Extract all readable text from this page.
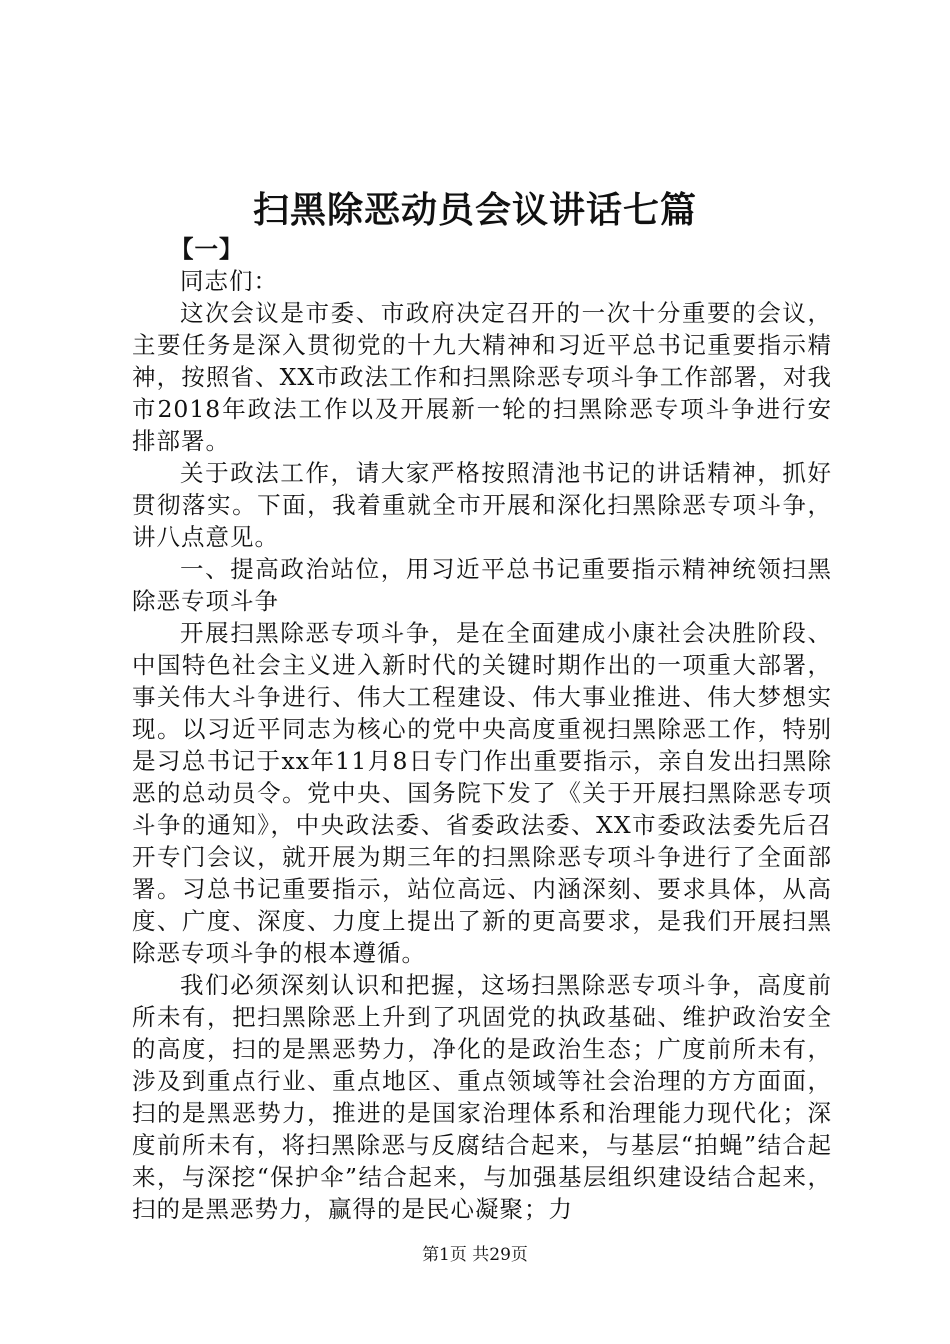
扫黑除恶动员会议讲话七篇

【一】

同志们：

这次会议是市委、市政府决定召开的一次十分重要的会议，主要任务是深入贯彻党的十九大精神和习近平总书记重要指示精神，按照省、XX市政法工作和扫黑除恶专项斗争工作部署，对我市2018年政法工作以及开展新一轮的扫黑除恶专项斗争进行安排部署。

关于政法工作，请大家严格按照清池书记的讲话精神，抓好贯彻落实。下面，我着重就全市开展和深化扫黑除恶专项斗争，讲八点意见。

一、提高政治站位，用习近平总书记重要指示精神统领扫黑除恶专项斗争

开展扫黑除恶专项斗争，是在全面建成小康社会决胜阶段、中国特色社会主义进入新时代的关键时期作出的一项重大部署，事关伟大斗争进行、伟大工程建设、伟大事业推进、伟大梦想实现。以习近平同志为核心的党中央高度重视扫黑除恶工作，特别是习总书记于xx年11月8日专门作出重要指示，亲自发出扫黑除恶的总动员令。党中央、国务院下发了《关于开展扫黑除恶专项斗争的通知》，中央政法委、省委政法委、XX市委政法委先后召开专门会议，就开展为期三年的扫黑除恶专项斗争进行了全面部署。习总书记重要指示，站位高远、内涵深刻、要求具体，从高度、广度、深度、力度上提出了新的更高要求，是我们开展扫黑除恶专项斗争的根本遵循。

我们必须深刻认识和把握，这场扫黑除恶专项斗争，高度前所未有，把扫黑除恶上升到了巩固党的执政基础、维护政治安全的高度，扫的是黑恶势力，净化的是政治生态；广度前所未有，涉及到重点行业、重点地区、重点领域等社会治理的方方面面，扫的是黑恶势力，推进的是国家治理体系和治理能力现代化；深度前所未有，将扫黑除恶与反腐结合起来，与基层“拍蝇”结合起来，与深挖“保护伞”结合起来，与加强基层组织建设结合起来，扫的是黑恶势力，赢得的是民心凝聚；力

第1页 共29页
